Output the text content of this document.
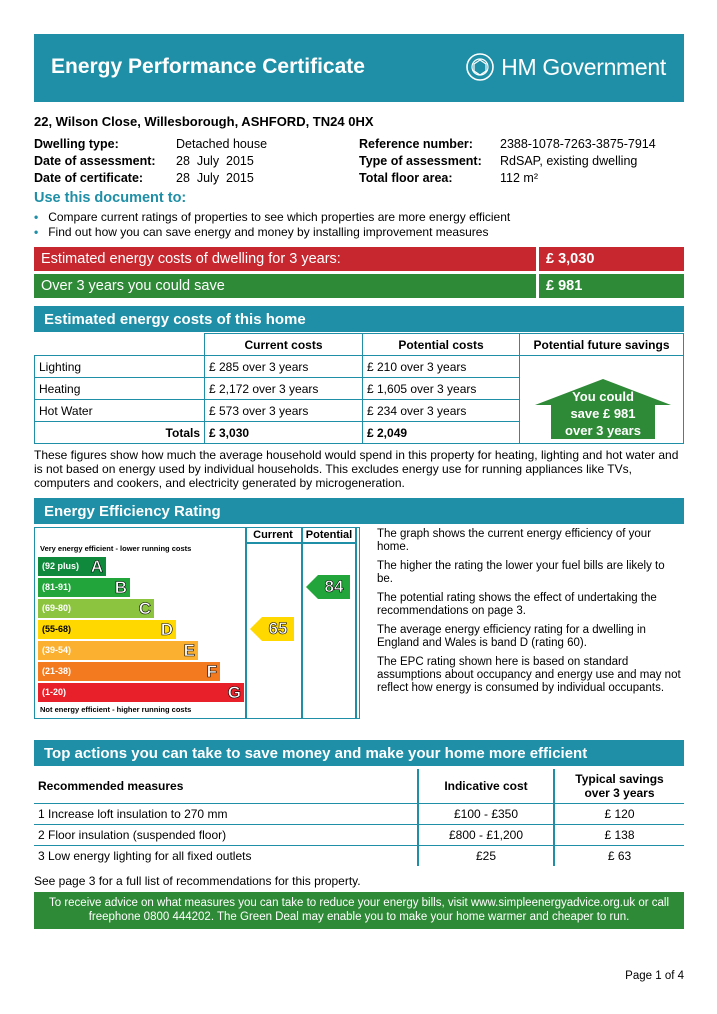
Energy Performance Certificate	HM Government
22, Wilson Close, Willesborough, ASHFORD, TN24 0HX
Dwelling type:	Detached house
Date of assessment: 28  July  2015
Date of certificate:	28  July  2015
Reference number: 2388-1078-7263-3875-7914
Type of assessment: RdSAP, existing dwelling
Total floor area:	112 m²
Use this document to:
• Compare current ratings of properties to see which properties are more energy efficient
• Find out how you can save energy and money by installing improvement measures
Estimated energy costs of dwelling for 3 years:	£ 3,030
Over 3 years you could save	£ 981
Estimated energy costs of this home
	Current costs	Potential costs	Potential future savings
Lighting	£ 285 over 3 years	£ 210 over 3 years	
Heating	£ 2,172 over 3 years	£ 1,605 over 3 years	
Hot Water	£ 573 over 3 years	£ 234 over 3 years	
Totals	£ 3,030	£ 2,049	
You could
save £ 981
over 3 years
These figures show how much the average household would spend in this property for heating, lighting and hot water and is not based on energy used by individual households. This excludes energy use for running appliances like TVs, computers and cookers, and electricity generated by microgeneration.
Energy Efficiency Rating
Current	Potential
Very energy efficient - lower running costs
(92 plus) A
(81-91)	B
(69-80)	C
(55-68)	D
(39-54)	E
(21-38)	F
(1-20)	G
Not energy efficient - higher running costs
65
84

The graph shows the current energy efficiency of your home.

The higher the rating the lower your fuel bills are likely to be.

The potential rating shows the effect of undertaking the recommendations on page 3.

The average energy efficiency rating for a dwelling in England and Wales is band D (rating 60).

The EPC rating shown here is based on standard assumptions about occupancy and energy use and may not reflect how energy is consumed by individual occupants.

Top actions you can take to save money and make your home more efficient
Recommended measures	Indicative cost	Typical savings over 3 years
1 Increase loft insulation to 270 mm	£100 - £350	£ 120
2 Floor insulation (suspended floor)	£800 - £1,200	£ 138
3 Low energy lighting for all fixed outlets	£25	£ 63
See page 3 for a full list of recommendations for this property.
To receive advice on what measures you can take to reduce your energy bills, visit www.simpleenergyadvice.org.uk or call freephone 0800 444202. The Green Deal may enable you to make your home warmer and cheaper to run.
Page 1 of 4
